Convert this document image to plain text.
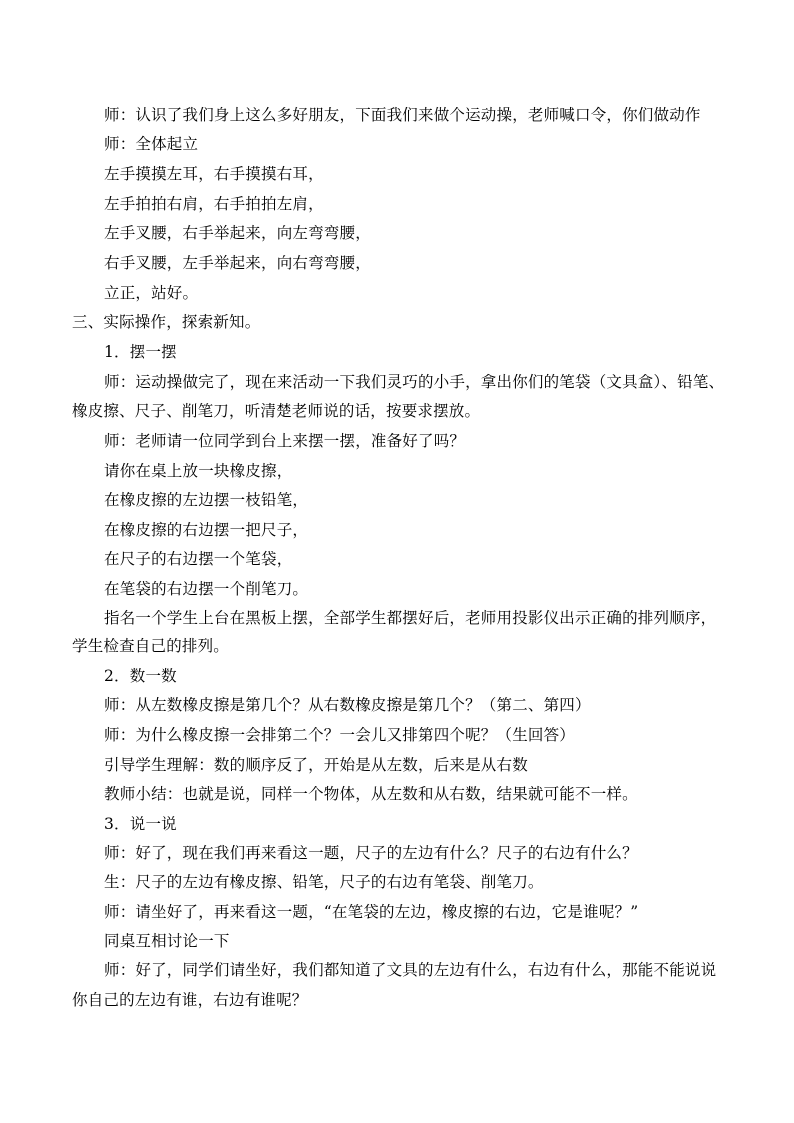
师：认识了我们身上这么多好朋友，下面我们来做个运动操，老师喊口令，你们做动作
师：全体起立
左手摸摸左耳，右手摸摸右耳，
左手拍拍右肩，右手拍拍左肩，
左手叉腰，右手举起来，向左弯弯腰，
右手叉腰，左手举起来，向右弯弯腰，
立正，站好。
三、实际操作，探索新知。
1．摆一摆
师：运动操做完了，现在来活动一下我们灵巧的小手，拿出你们的笔袋（文具盒）、铅笔、
橡皮擦、尺子、削笔刀，听清楚老师说的话，按要求摆放。
师：老师请一位同学到台上来摆一摆，准备好了吗？
请你在桌上放一块橡皮擦，
在橡皮擦的左边摆一枝铅笔，
在橡皮擦的右边摆一把尺子，
在尺子的右边摆一个笔袋，
在笔袋的右边摆一个削笔刀。
指名一个学生上台在黑板上摆，全部学生都摆好后，老师用投影仪出示正确的排列顺序，
学生检查自己的排列。
2．数一数
师：从左数橡皮擦是第几个？从右数橡皮擦是第几个？（第二、第四）
师：为什么橡皮擦一会排第二个？一会儿又排第四个呢？（生回答）
引导学生理解：数的顺序反了，开始是从左数，后来是从右数
教师小结：也就是说，同样一个物体，从左数和从右数，结果就可能不一样。
3．说一说
师：好了，现在我们再来看这一题，尺子的左边有什么？尺子的右边有什么？
生：尺子的左边有橡皮擦、铅笔，尺子的右边有笔袋、削笔刀。
师：请坐好了，再来看这一题，“在笔袋的左边，橡皮擦的右边，它是谁呢？”
同桌互相讨论一下
师：好了，同学们请坐好，我们都知道了文具的左边有什么，右边有什么，那能不能说说
你自己的左边有谁，右边有谁呢？
